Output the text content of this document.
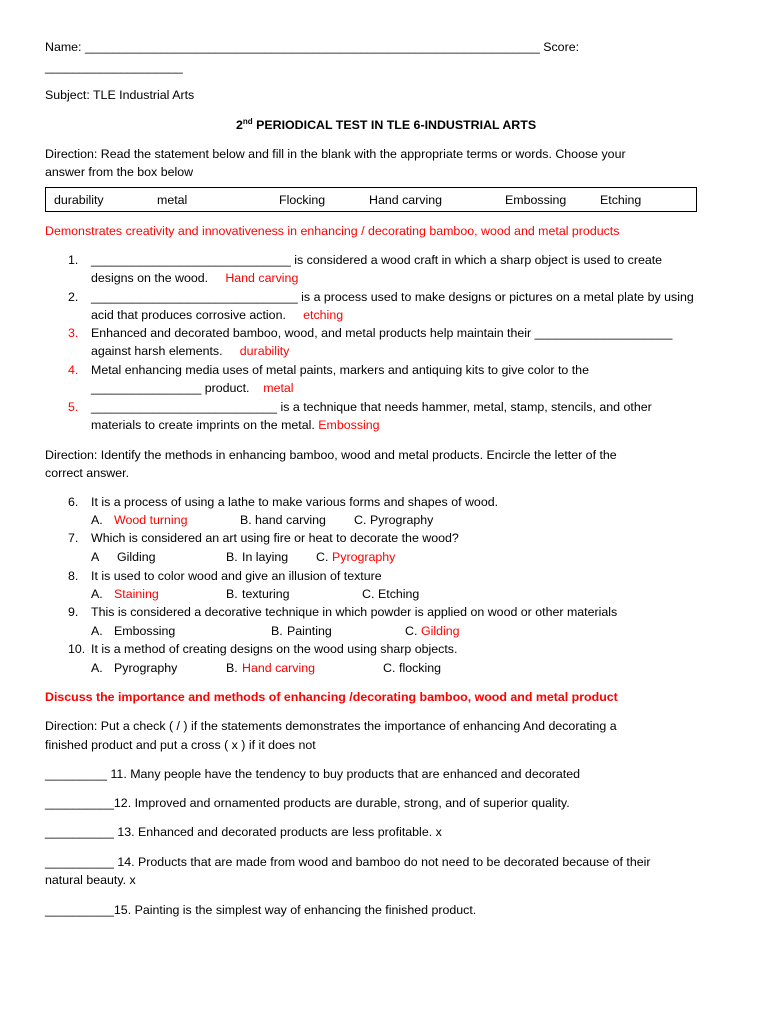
Name: __________________________________________________________________ Score:
____________________
Subject: TLE Industrial Arts
2nd PERIODICAL TEST IN TLE 6-INDUSTRIAL ARTS
Direction: Read the statement below and fill in the blank with the appropriate terms or words. Choose your
answer from the box below
durability	metal	Flocking	Hand carving	Embossing	Etching
Demonstrates creativity and innovativeness in enhancing / decorating bamboo, wood and metal products
1. _____________________________ is considered a wood craft in which a sharp object is used to create
designs on the wood. Hand carving
2. ______________________________ is a process used to make designs or pictures on a metal plate by using
acid that produces corrosive action. etching
3. Enhanced and decorated bamboo, wood, and metal products help maintain their ____________________
against harsh elements. durability
4. Metal enhancing media uses of metal paints, markers and antiquing kits to give color to the
________________ product. metal
5. ___________________________ is a technique that needs hammer, metal, stamp, stencils, and other
materials to create imprints on the metal. Embossing
Direction: Identify the methods in enhancing bamboo, wood and metal products. Encircle the letter of the
correct answer.
6. It is a process of using a lathe to make various forms and shapes of wood.
A. Wood turning	B. hand carving C. Pyrography
7. Which is considered an art using fire or heat to decorate the wood?
A Gilding	B. In laying C. Pyrography
8. It is used to color wood and give an illusion of texture
A. Staining	B. texturing	C. Etching
9. This is considered a decorative technique in which powder is applied on wood or other materials
A. Embossing	B. Painting	C. Gilding
10. It is a method of creating designs on the wood using sharp objects.
A. Pyrography	B. Hand carving	C. flocking
Discuss the importance and methods of enhancing /decorating bamboo, wood and metal product
Direction: Put a check ( / ) if the statements demonstrates the importance of enhancing And decorating a
finished product and put a cross ( x ) if it does not
_________ 11. Many people have the tendency to buy products that are enhanced and decorated
__________12. Improved and ornamented products are durable, strong, and of superior quality.
__________ 13. Enhanced and decorated products are less profitable. x
__________ 14. Products that are made from wood and bamboo do not need to be decorated because of their
natural beauty. x
__________15. Painting is the simplest way of enhancing the finished product.
